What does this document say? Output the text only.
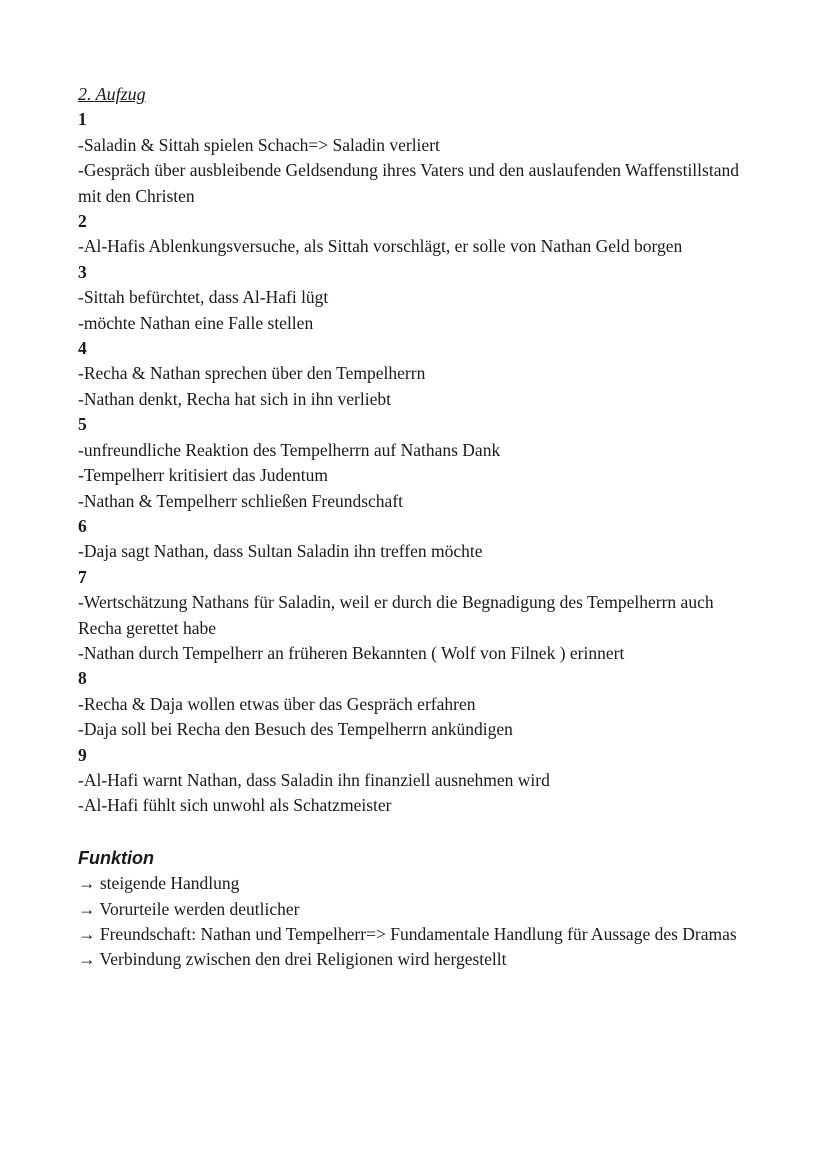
2. Aufzug
1
-Saladin & Sittah spielen Schach=> Saladin verliert
-Gespräch über ausbleibende Geldsendung ihres Vaters und den auslaufenden Waffenstillstand mit den Christen
2
-Al-Hafis Ablenkungsversuche, als Sittah vorschlägt, er solle von Nathan Geld borgen
3
-Sittah befürchtet, dass Al-Hafi lügt
-möchte Nathan eine Falle stellen
4
-Recha & Nathan sprechen über den Tempelherrn
-Nathan denkt, Recha hat sich in ihn verliebt
5
-unfreundliche Reaktion des Tempelherrn auf Nathans Dank
-Tempelherr kritisiert das Judentum
-Nathan & Tempelherr schließen Freundschaft
6
-Daja sagt Nathan, dass Sultan Saladin ihn treffen möchte
7
-Wertschätzung Nathans für Saladin, weil er durch die Begnadigung des Tempelherrn auch Recha gerettet habe
-Nathan durch Tempelherr an früheren Bekannten ( Wolf von Filnek ) erinnert
8
-Recha & Daja wollen etwas über das Gespräch erfahren
-Daja soll bei Recha den Besuch des Tempelherrn ankündigen
9
-Al-Hafi warnt Nathan, dass Saladin ihn finanziell ausnehmen wird
-Al-Hafi fühlt sich unwohl als Schatzmeister
Funktion
→ steigende Handlung
→ Vorurteile werden deutlicher
→ Freundschaft: Nathan und Tempelherr=> Fundamentale Handlung für Aussage des Dramas
→ Verbindung zwischen den drei Religionen wird hergestellt
